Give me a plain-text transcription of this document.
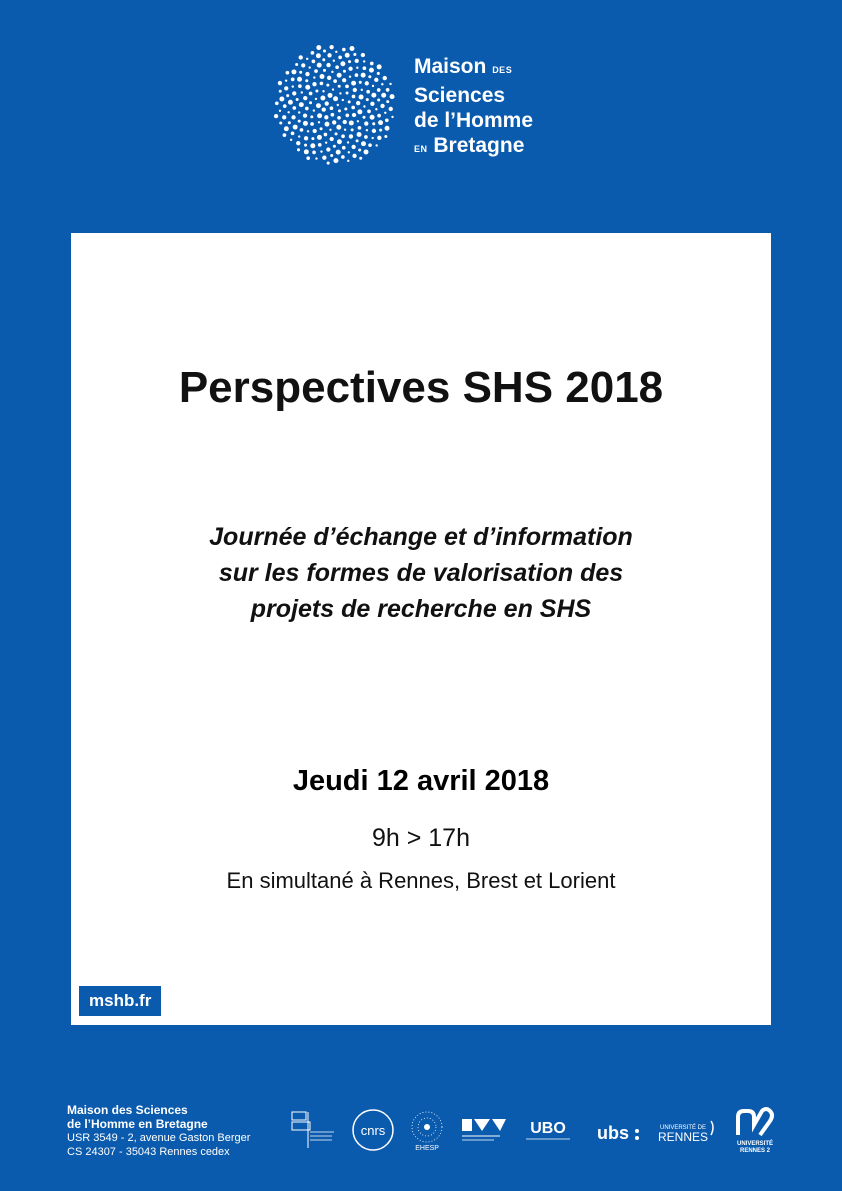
Maison DES
Sciences
de l’Homme
EN Bretagne
Perspectives SHS 2018
Journée d’échange et d’information
sur les formes de valorisation des
projets de recherche en SHS
Jeudi 12 avril 2018
9h > 17h
En simultané à Rennes, Brest et Lorient
mshb.fr
Maison des Sciences
de l’Homme en Bretagne
USR 3549 - 2, avenue Gaston Berger
CS 24307 - 35043 Rennes cedex
cnrs
EHESP
UBO ubs	UNIVERSITÉ DE
RENNES	UNIVERSITÉ
RENNES 2
